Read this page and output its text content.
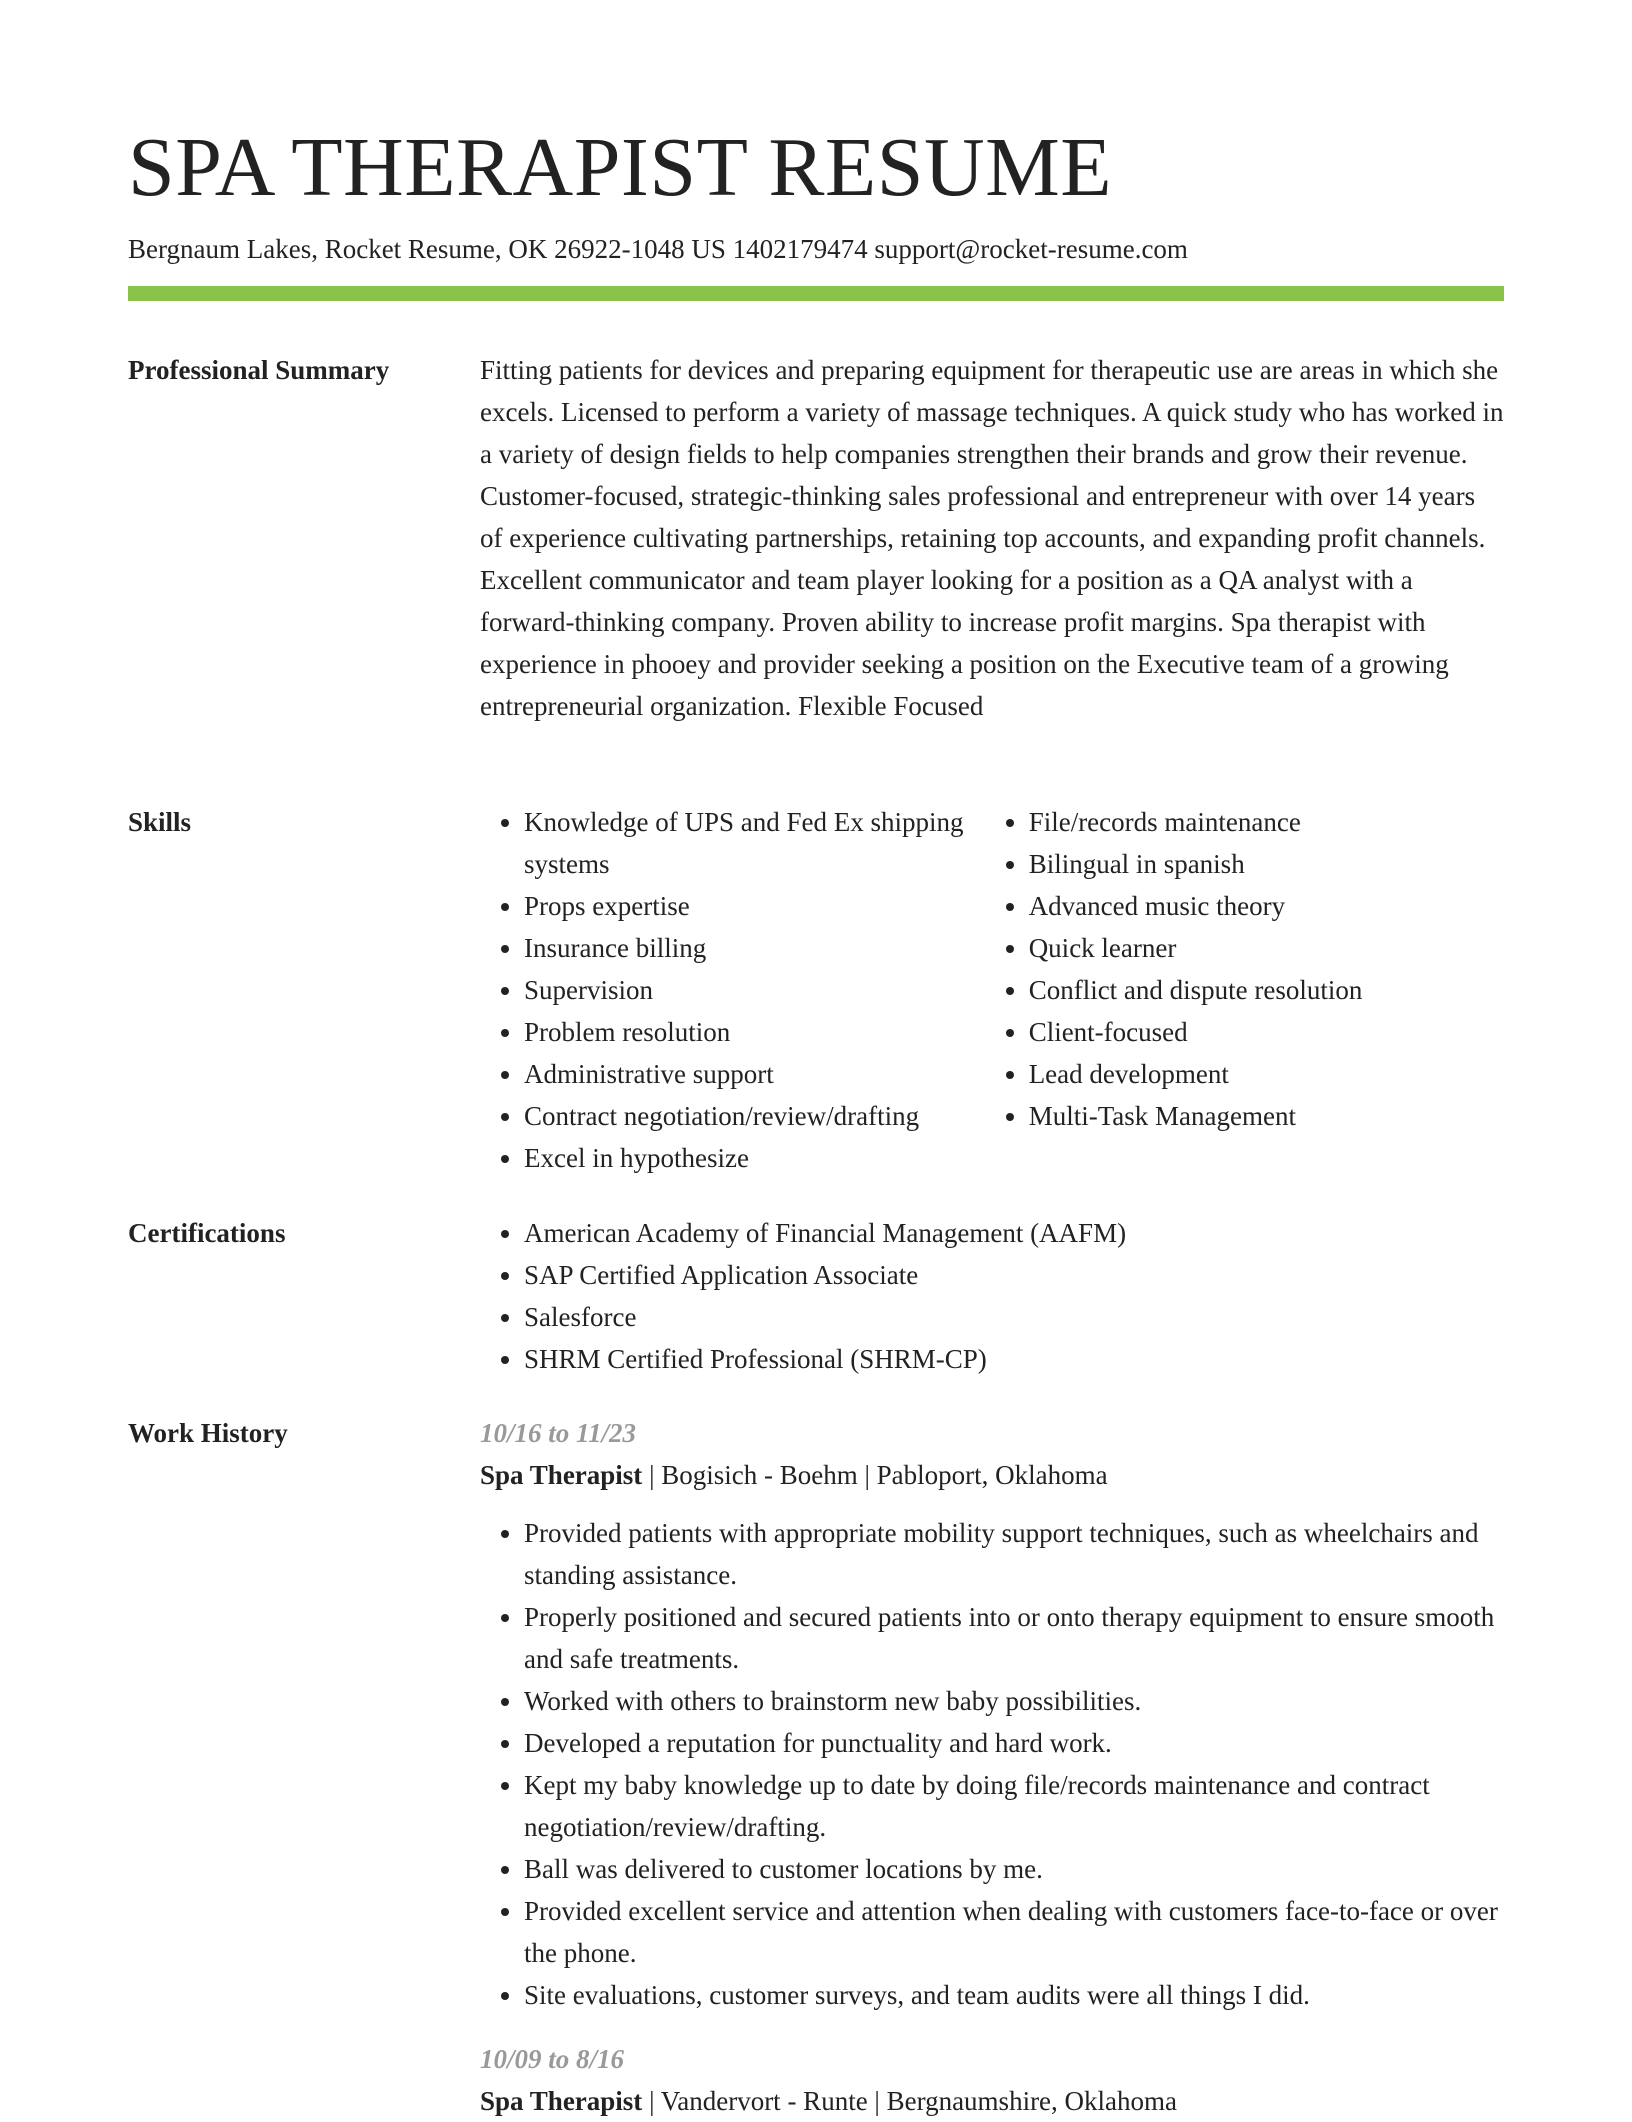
SPA THERAPIST RESUME
Bergnaum Lakes, Rocket Resume, OK 26922-1048 US 1402179474 support@rocket-resume.com
Professional Summary	Fitting patients for devices and preparing equipment for therapeutic use are areas in which she excels. Licensed to perform a variety of massage techniques. A quick study who has worked in a variety of design fields to help companies strengthen their brands and grow their revenue. Customer-focused, strategic-thinking sales professional and entrepreneur with over 14 years of experience cultivating partnerships, retaining top accounts, and expanding profit channels. Excellent communicator and team player looking for a position as a QA analyst with a forward-thinking company. Proven ability to increase profit margins. Spa therapist with experience in phooey and provider seeking a position on the Executive team of a growing entrepreneurial organization. Flexible Focused

Skills	• Knowledge of UPS and Fed Ex shipping systems
• Props expertise
• Insurance billing
• Supervision
• Problem resolution
• Administrative support
• Contract negotiation/review/drafting
• Excel in hypothesize
• File/records maintenance
• Bilingual in spanish
• Advanced music theory
• Quick learner
• Conflict and dispute resolution
• Client-focused
• Lead development
• Multi-Task Management
Certifications	• American Academy of Financial Management (AAFM)
• SAP Certified Application Associate
• Salesforce
• SHRM Certified Professional (SHRM-CP)
Work History	10/16 to 11/23
Spa Therapist | Bogisich - Boehm | Pabloport, Oklahoma
• Provided patients with appropriate mobility support techniques, such as wheelchairs and standing assistance.
• Properly positioned and secured patients into or onto therapy equipment to ensure smooth and safe treatments.
• Worked with others to brainstorm new baby possibilities.
• Developed a reputation for punctuality and hard work.
• Kept my baby knowledge up to date by doing file/records maintenance and contract negotiation/review/drafting.
• Ball was delivered to customer locations by me.
• Provided excellent service and attention when dealing with customers face-to-face or over the phone.
• Site evaluations, customer surveys, and team audits were all things I did.
10/09 to 8/16
Spa Therapist | Vandervort - Runte | Bergnaumshire, Oklahoma
